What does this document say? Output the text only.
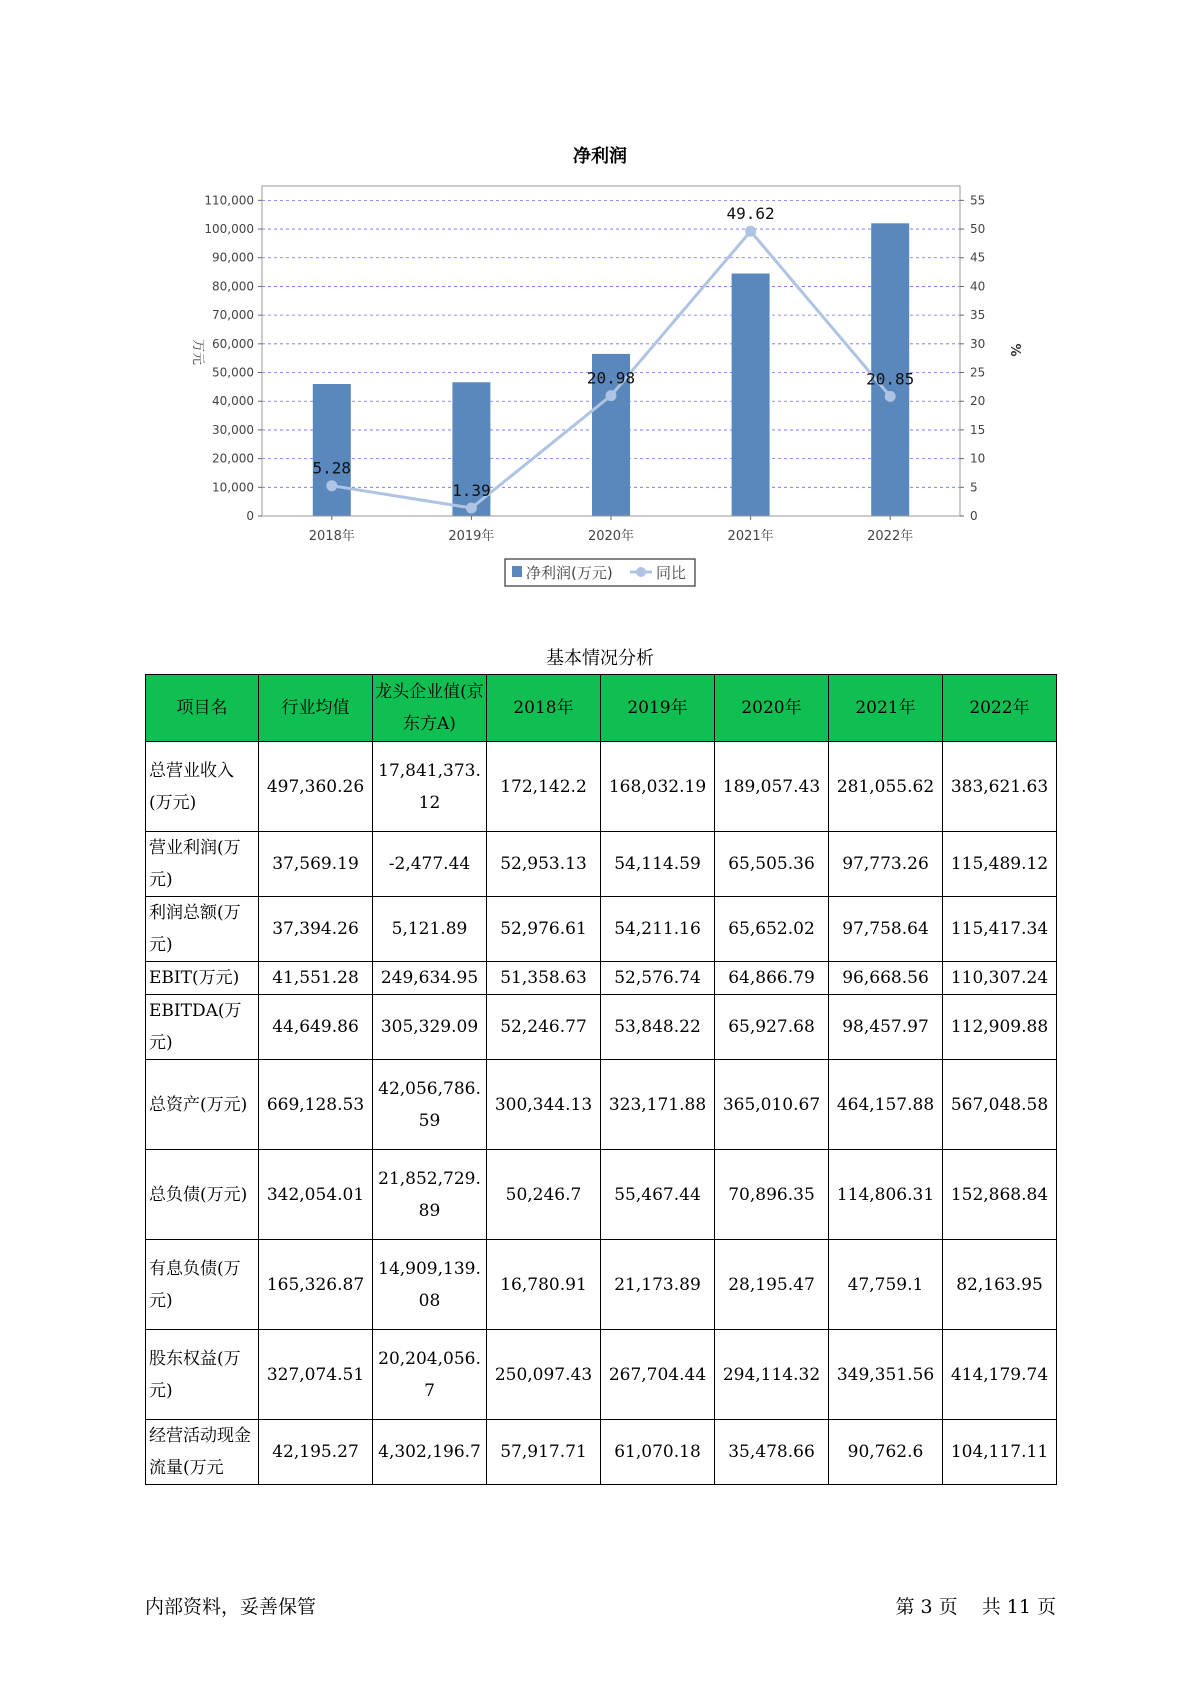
净利润
5.28
1.39
20.98
49.62
20.85
0
10,000
20,000
30,000
40,000
50,000
60,000
70,000
80,000
90,000
100,000
110,000
0
5
10
15
20
25
30
35
40
45
50
55
2018年	2019年	2020年	2021年	2022年
万元	%
净利润(万元)	同比
基本情况分析
项目名	行业均值	龙头企业值(京东方A)	2018年	2019年	2020年	2021年	2022年
总营业收入(万元)	497,360.26	17,841,373.12	172,142.2	168,032.19	189,057.43	281,055.62	383,621.63
营业利润(万元)	37,569.19	-2,477.44	52,953.13	54,114.59	65,505.36	97,773.26	115,489.12
利润总额(万元)	37,394.26	5,121.89	52,976.61	54,211.16	65,652.02	97,758.64	115,417.34
EBIT(万元)	41,551.28	249,634.95	51,358.63	52,576.74	64,866.79	96,668.56	110,307.24
EBITDA(万元)	44,649.86	305,329.09	52,246.77	53,848.22	65,927.68	98,457.97	112,909.88
总资产(万元)	669,128.53	42,056,786.59	300,344.13	323,171.88	365,010.67	464,157.88	567,048.58
总负债(万元)	342,054.01	21,852,729.89	50,246.7	55,467.44	70,896.35	114,806.31	152,868.84
有息负债(万元)	165,326.87	14,909,139.08	16,780.91	21,173.89	28,195.47	47,759.1	82,163.95
股东权益(万元)	327,074.51	20,204,056.7	250,097.43	267,704.44	294,114.32	349,351.56	414,179.74
经营活动现金流量(万元	42,195.27	4,302,196.7	57,917.71	61,070.18	35,478.66	90,762.6	104,117.11
内部资料，妥善保管	第 3 页 共 11 页
